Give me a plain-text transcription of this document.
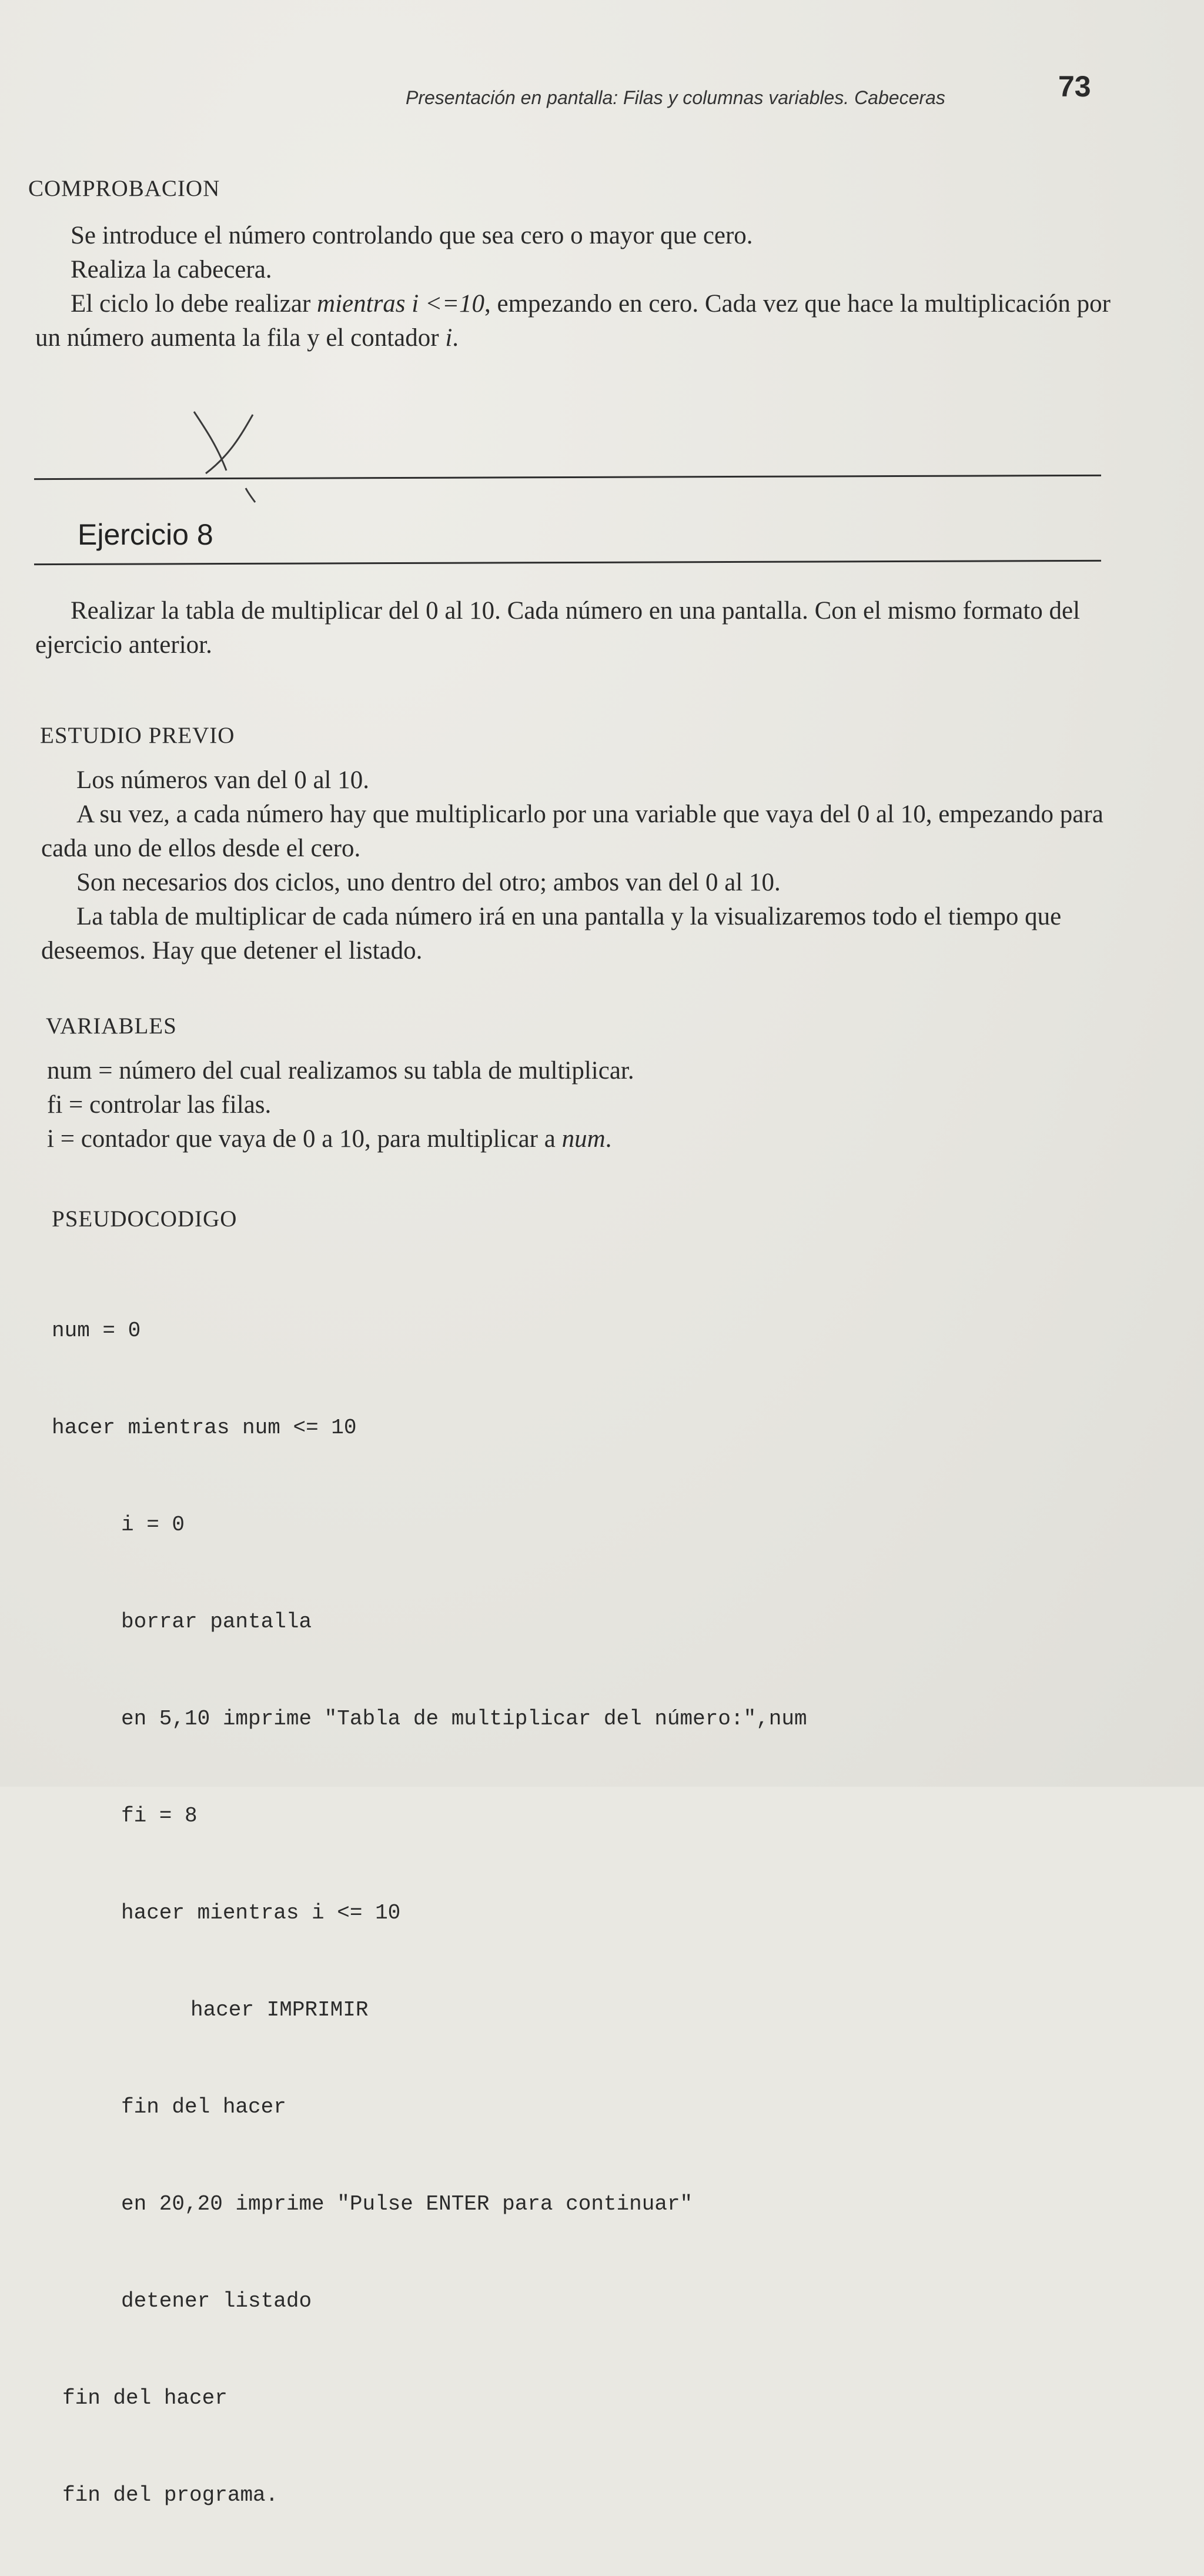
Presentación en pantalla: Filas y columnas variables. Cabeceras	73
COMPROBACION

Se introduce el número controlando que sea cero o mayor que cero.

Realiza la cabecera.

El ciclo lo debe realizar mientras i <=10, empezando en cero. Cada vez que hace la multiplicación por un número aumenta la fila y el contador i.

Ejercicio 8

Realizar la tabla de multiplicar del 0 al 10. Cada número en una pantalla. Con el mismo formato del ejercicio anterior.

ESTUDIO PREVIO

Los números van del 0 al 10.

A su vez, a cada número hay que multiplicarlo por una variable que vaya del 0 al 10, empezando para cada uno de ellos desde el cero.

Son necesarios dos ciclos, uno dentro del otro; ambos van del 0 al 10.

La tabla de multiplicar de cada número irá en una pantalla y la visualizaremos todo el tiempo que deseemos. Hay que detener el listado.

VARIABLES

num = número del cual realizamos su tabla de multiplicar.

fi = controlar las filas.

i = contador que vaya de 0 a 10, para multiplicar a num.

PSEUDOCODIGO

num = 0

hacer mientras num <= 10

i = 0

borrar pantalla

en 5,10 imprime "Tabla de multiplicar del número:",num

fi = 8

hacer mientras i <= 10

hacer IMPRIMIR

fin del hacer

en 20,20 imprime "Pulse ENTER para continuar"

detener listado

fin del hacer

fin del programa.
